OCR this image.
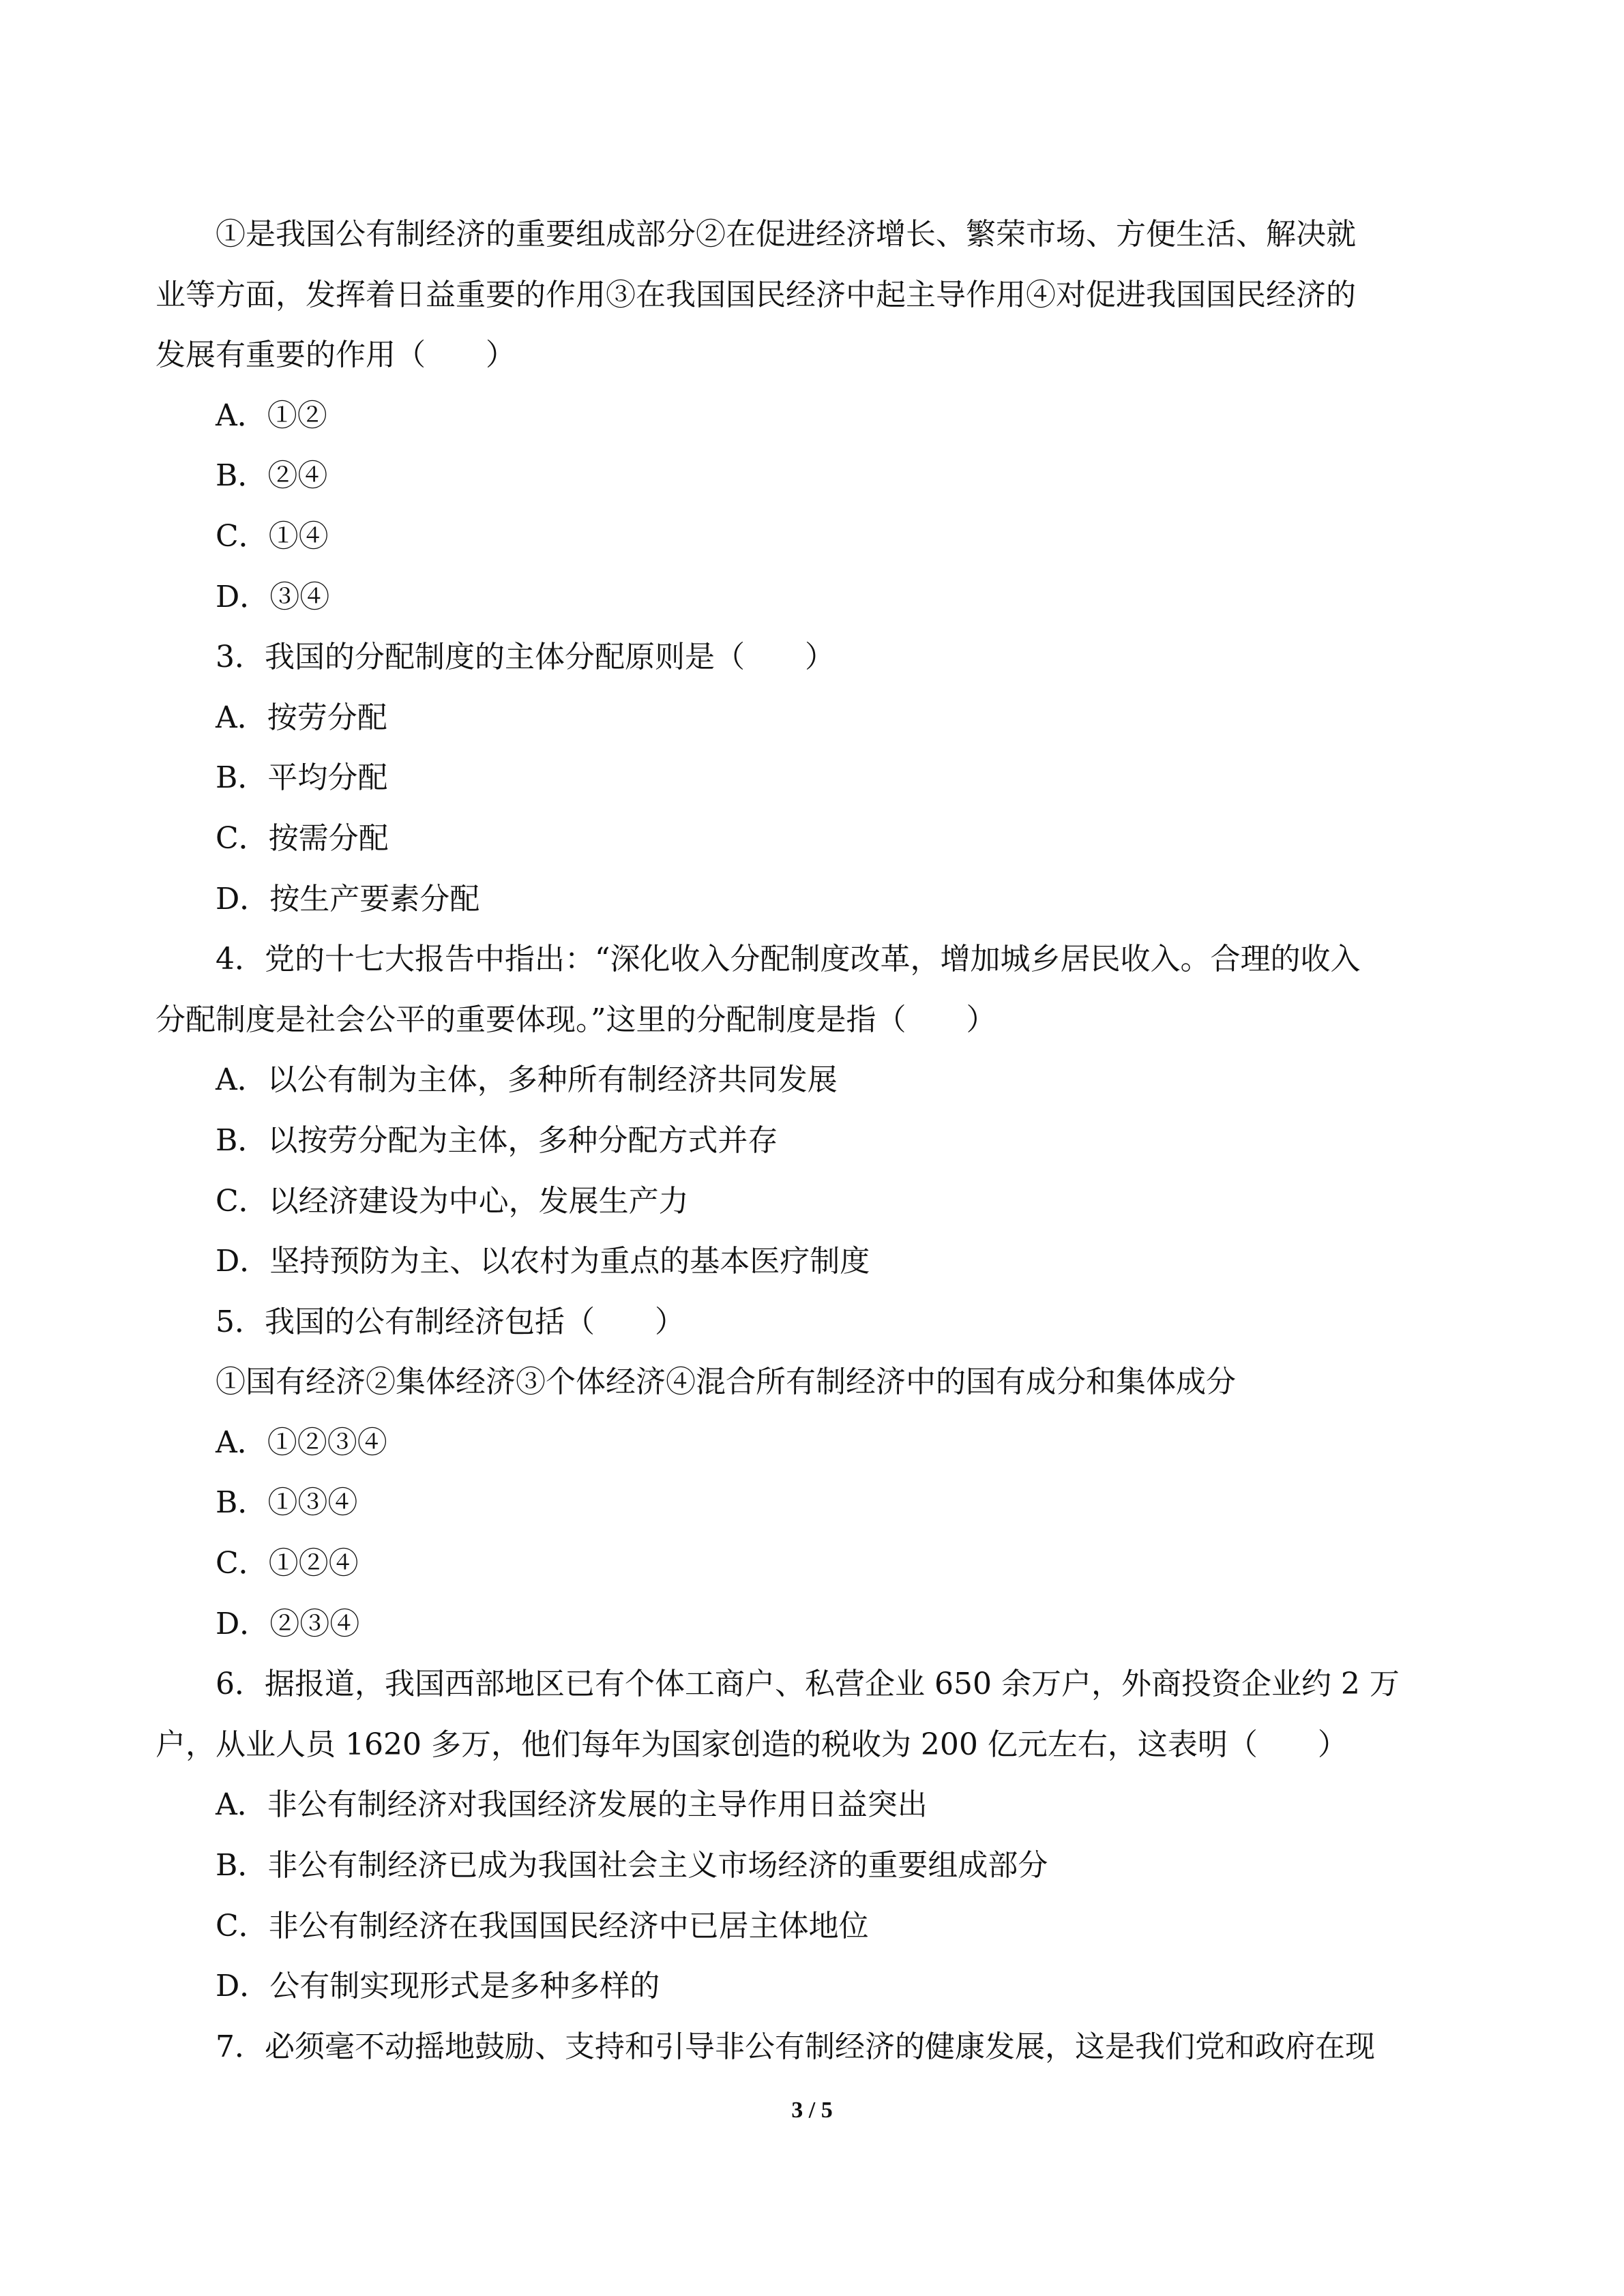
①是我国公有制经济的重要组成部分②在促进经济增长、繁荣市场、方便生活、解决就
业等方面，发挥着日益重要的作用③在我国国民经济中起主导作用④对促进我国国民经济的
发展有重要的作用（　　）
A．①②
B．②④
C．①④
D．③④
3．我国的分配制度的主体分配原则是（　　）
A．按劳分配
B．平均分配
C．按需分配
D．按生产要素分配
4．党的十七大报告中指出：“深化收入分配制度改革，增加城乡居民收入。合理的收入
分配制度是社会公平的重要体现。”这里的分配制度是指（　　）
A．以公有制为主体，多种所有制经济共同发展
B．以按劳分配为主体，多种分配方式并存
C．以经济建设为中心，发展生产力
D．坚持预防为主、以农村为重点的基本医疗制度
5．我国的公有制经济包括（　　）
①国有经济②集体经济③个体经济④混合所有制经济中的国有成分和集体成分
A．①②③④
B．①③④
C．①②④
D．②③④
6．据报道，我国西部地区已有个体工商户、私营企业 650 余万户，外商投资企业约 2 万
户，从业人员 1620 多万，他们每年为国家创造的税收为 200 亿元左右，这表明（　　）
A．非公有制经济对我国经济发展的主导作用日益突出
B．非公有制经济已成为我国社会主义市场经济的重要组成部分
C．非公有制经济在我国国民经济中已居主体地位
D．公有制实现形式是多种多样的
7．必须毫不动摇地鼓励、支持和引导非公有制经济的健康发展，这是我们党和政府在现
3 / 5
